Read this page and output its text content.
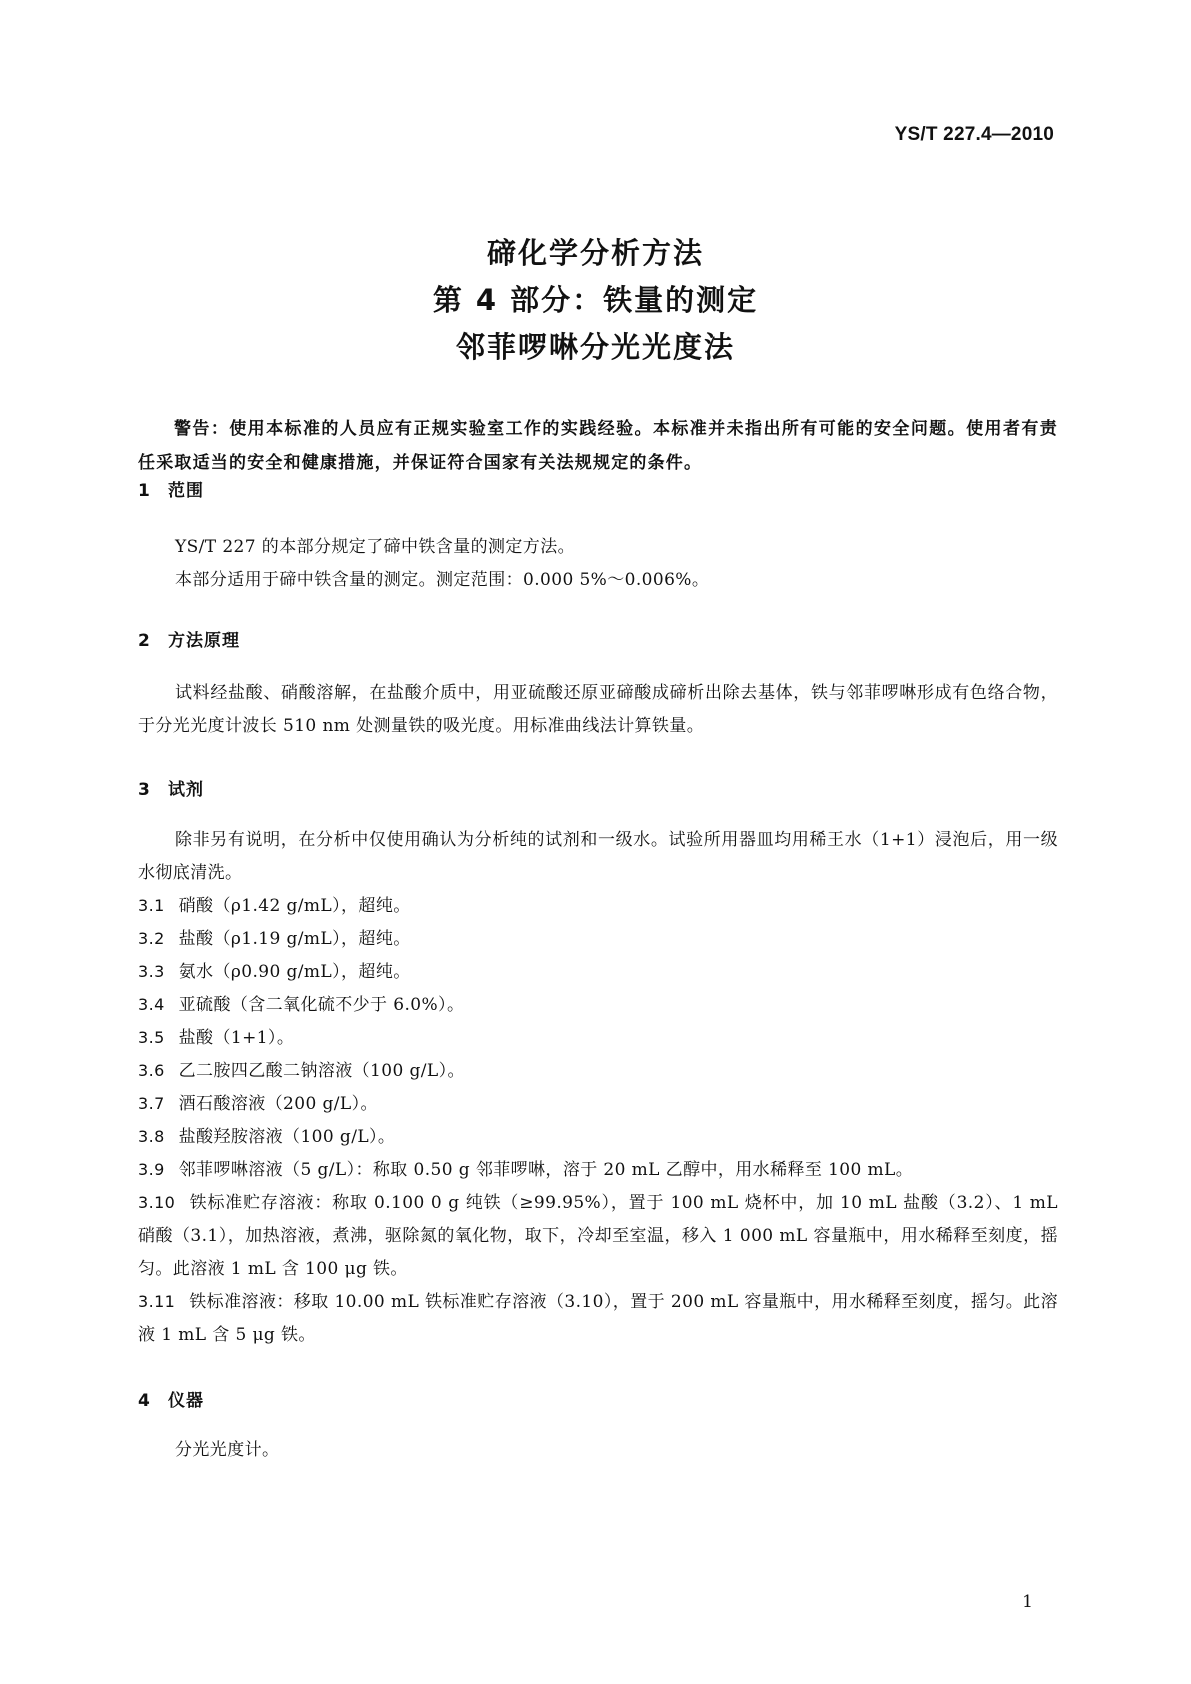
YS/T 227.4—2010
碲化学分析方法
第 4 部分：铁量的测定
邻菲啰啉分光光度法
警告：使用本标准的人员应有正规实验室工作的实践经验。本标准并未指出所有可能的安全问题。使用者有责任采取适当的安全和健康措施，并保证符合国家有关法规规定的条件。
1 范围
YS/T 227 的本部分规定了碲中铁含量的测定方法。
本部分适用于碲中铁含量的测定。测定范围：0.000 5%～0.006%。
2 方法原理
试料经盐酸、硝酸溶解，在盐酸介质中，用亚硫酸还原亚碲酸成碲析出除去基体，铁与邻菲啰啉形成有色络合物，于分光光度计波长 510 nm 处测量铁的吸光度。用标准曲线法计算铁量。
3 试剂
除非另有说明，在分析中仅使用确认为分析纯的试剂和一级水。试验所用器皿均用稀王水（1+1）浸泡后，用一级水彻底清洗。
3.1 硝酸（ρ1.42 g/mL），超纯。
3.2 盐酸（ρ1.19 g/mL），超纯。
3.3 氨水（ρ0.90 g/mL），超纯。
3.4 亚硫酸（含二氧化硫不少于 6.0%）。
3.5 盐酸（1+1）。
3.6 乙二胺四乙酸二钠溶液（100 g/L）。
3.7 酒石酸溶液（200 g/L）。
3.8 盐酸羟胺溶液（100 g/L）。
3.9 邻菲啰啉溶液（5 g/L）：称取 0.50 g 邻菲啰啉，溶于 20 mL 乙醇中，用水稀释至 100 mL。
3.10 铁标准贮存溶液：称取 0.100 0 g 纯铁（≥99.95%），置于 100 mL 烧杯中，加 10 mL 盐酸（3.2）、1 mL 硝酸（3.1），加热溶液，煮沸，驱除氮的氧化物，取下，冷却至室温，移入 1 000 mL 容量瓶中，用水稀释至刻度，摇匀。此溶液 1 mL 含 100 μg 铁。
3.11 铁标准溶液：移取 10.00 mL 铁标准贮存溶液（3.10），置于 200 mL 容量瓶中，用水稀释至刻度，摇匀。此溶液 1 mL 含 5 μg 铁。
4 仪器
分光光度计。
1
